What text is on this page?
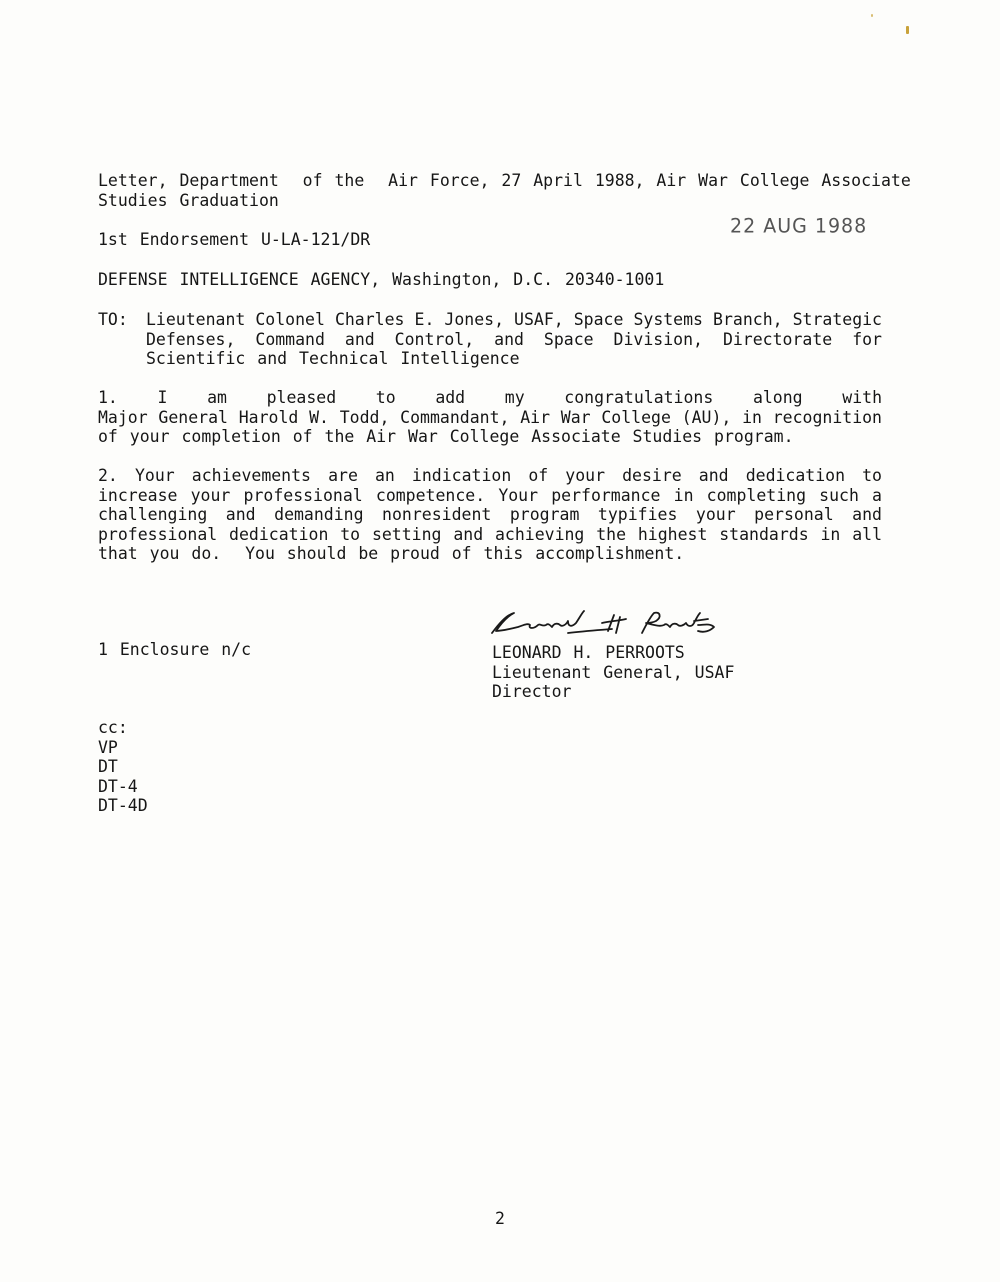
Letter, Department  of the  Air Force, 27 April 1988, Air War College Associate
Studies Graduation
22 AUG 1988
1st Endorsement U-LA-121/DR
DEFENSE INTELLIGENCE AGENCY, Washington, D.C. 20340-1001
TO: Lieutenant Colonel Charles E. Jones, USAF, Space Systems Branch, Strategic
Defenses, Command and Control, and Space Division, Directorate for
Scientific and Technical Intelligence
1. I am pleased to add my congratulations along with
Major General Harold W. Todd, Commandant, Air War College (AU), in recognition
of your completion of the Air War College Associate Studies program.
2. Your achievements are an indication of your desire and dedication to
increase your professional competence. Your performance in completing such a
challenging and demanding nonresident program typifies your personal and
professional dedication to setting and achieving the highest standards in all
that you do.  You should be proud of this accomplishment.
1 Enclosure n/c	LEONARD H. PERROOTS
Lieutenant General, USAF
Director
cc:
VP
DT
DT-4
DT-4D
2
